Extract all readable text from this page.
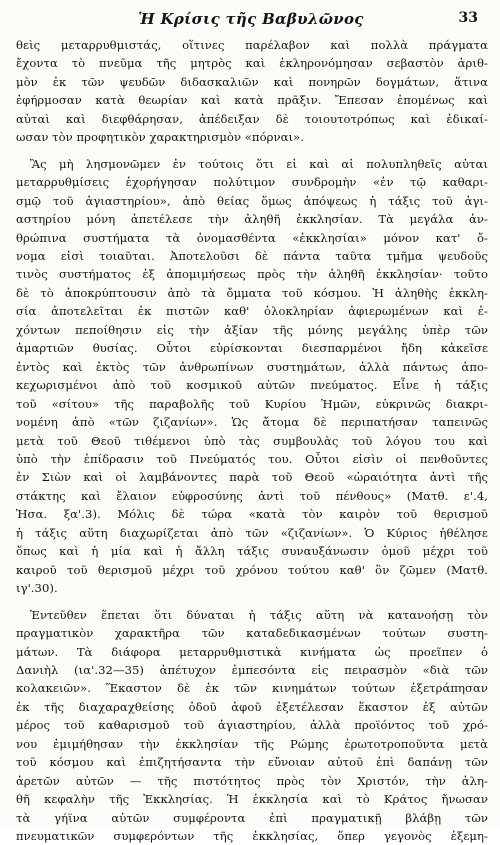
Ἡ Κρίσις τῆς Βαβυλῶνος	33
θεὶς μεταρρυθμιστάς, οἵτινες παρέλαβον καὶ πολλὰ πράγματα
ἔχοντα τὸ πνεῦμα τῆς μητρὸς καὶ ἐκληρονόμησαν σεβαστὸν ἀριθ-
μὸν ἐκ τῶν ψευδῶν διδασκαλιῶν καὶ πονηρῶν δογμάτων, ἅτινα
ἐφήρμοσαν κατὰ θεωρίαν καὶ κατὰ πρᾶξιν. Ἔπεσαν ἑπομένως καὶ
αὐταὶ καὶ διεφθάρησαν, ἀπέδειξαν δὲ τοιουτοτρόπως καὶ ἐδικαί-
ωσαν τὸν προφητικὸν χαρακτηρισμὸν «πόρναι».
Ἂς μὴ λησμονῶμεν ἐν τούτοις ὅτι εἰ καὶ αἱ πολυπληθεῖς αὐται
μεταρρυθμίσεις ἐχορήγησαν πολύτιμον συνδρομὴν «ἐν τῷ καθαρι-
σμῷ τοῦ ἁγιαστηρίου», ἀπὸ θείας ὅμως ἀπόψεως ἡ τάξις τοῦ ἁγι-
αστηρίου μόνη ἀπετέλεσε τὴν ἀληθῆ ἐκκλησίαν. Τὰ μεγάλα ἀν-
θρώπινα συστήματα τὰ ὀνομασθέντα «ἐκκλησίαι» μόνον κατ' ὄ-
νομα εἰσὶ τοιαῦται. Ἀποτελοῦσι δὲ πάντα ταῦτα τμῆμα ψευδοῦς
τινὸς συστήματος ἐξ ἀπομιμήσεως πρὸς τὴν ἀληθῆ ἐκκλησίαν· τοῦτο
δὲ τὸ ἀποκρύπτουσιν ἀπὸ τὰ ὄμματα τοῦ κόσμου. Ἡ ἀληθὴς ἐκκλη-
σία ἀποτελεῖται ἐκ πιστῶν καθ' ὁλοκληρίαν ἀφιερωμένων καὶ ἐ-
χόντων πεποίθησιν εἰς τὴν ἀξίαν τῆς μόνης μεγάλης ὑπὲρ τῶν
ἁμαρτιῶν θυσίας. Οὗτοι εὑρίσκονται διεσπαρμένοι ἤδη κἀκεῖσε
ἐντὸς καὶ ἐκτὸς τῶν ἀνθρωπίνων συστημάτων, ἀλλὰ πάντως ἀπο-
κεχωρισμένοι ἀπὸ τοῦ κοσμικοῦ αὐτῶν πνεύματος. Εἶνε ἡ τάξις
τοῦ «σίτου» τῆς παραβολῆς τοῦ Κυρίου Ἡμῶν, εὐκρινῶς διακρι-
νομένη ἀπὸ «τῶν ζιζανίων». Ὡς ἄτομα δὲ περιπατήσαν ταπεινῶς
μετὰ τοῦ Θεοῦ τιθέμενοι ὑπὸ τὰς συμβουλὰς τοῦ λόγου του καὶ
ὑπὸ τὴν ἐπίδρασιν τοῦ Πνεύματός του. Οὗτοι εἰσὶν οἱ πενθοῦντες
ἐν Σιὼν καὶ οἱ λαμβάνοντες παρὰ τοῦ Θεοῦ «ὡραιότητα ἀντὶ τῆς
στάκτης καὶ ἔλαιον εὐφροσύνης ἀντὶ τοῦ πένθους» (Ματθ. ε'.4,
Ἡσα. ξα'.3). Μόλις δὲ τώρα «κατὰ τὸν καιρὸν τοῦ θερισμοῦ
ἡ τάξις αὕτη διαχωρίζεται ἀπὸ τῶν «ζιζανίων». Ὁ Κύριος ἠθέλησε
ὅπως καὶ ἡ μία καὶ ἡ ἄλλη τάξις συναυξάνωσιν ὁμοῦ μέχρι τοῦ
καιροῦ τοῦ θερισμοῦ μέχρι τοῦ χρόνου τούτου καθ' ὃν ζῶμεν (Ματθ.
ιγ'.30).
Ἐντεῦθεν ἕπεται ὅτι δύναται ἡ τάξις αὕτη νὰ κατανοήσῃ τὸν
πραγματικὸν χαρακτῆρα τῶν καταδεδικασμένων τούτων συστη-
μάτων. Τὰ διάφορα μεταρρυθμιστικὰ κινήματα ὡς προεῖπεν ὁ
Δανιὴλ (ια'.32—35) ἀπέτυχον ἐμπεσόντα εἰς πειρασμὸν «διὰ τῶν
κολακειῶν». Ἕκαστον δὲ ἐκ τῶν κινημάτων τούτων ἐξετράπησαν
ἐκ τῆς διαχαραχθείσης ὁδοῦ ἀφοῦ ἐξετέλεσαν ἕκαστον ἐξ αὐτῶν
μέρος τοῦ καθαρισμοῦ τοῦ ἁγιαστηρίου, ἀλλὰ προϊόντος τοῦ χρό-
νου ἐμιμήθησαν τὴν ἐκκλησίαν τῆς Ρώμης ἐρωτοτροποῦντα μετὰ
τοῦ κόσμου καὶ ἐπιζητήσαντα τὴν εὔνοιαν αὐτοῦ ἐπὶ δαπάνῃ τῶν
ἀρετῶν αὐτῶν — τῆς πιστότητος πρὸς τὸν Χριστόν, τὴν ἀλη-
θῆ κεφαλὴν τῆς Ἐκκλησίας. Ἡ ἐκκλησία καὶ τὸ Κράτος ἤνωσαν
τὰ γήϊνα αὐτῶν συμφέροντα ἐπὶ πραγματικῇ βλάβῃ τῶν
πνευματικῶν συμφερόντων τῆς ἐκκλησίας, ὅπερ γεγονὸς ἐξεμη-
